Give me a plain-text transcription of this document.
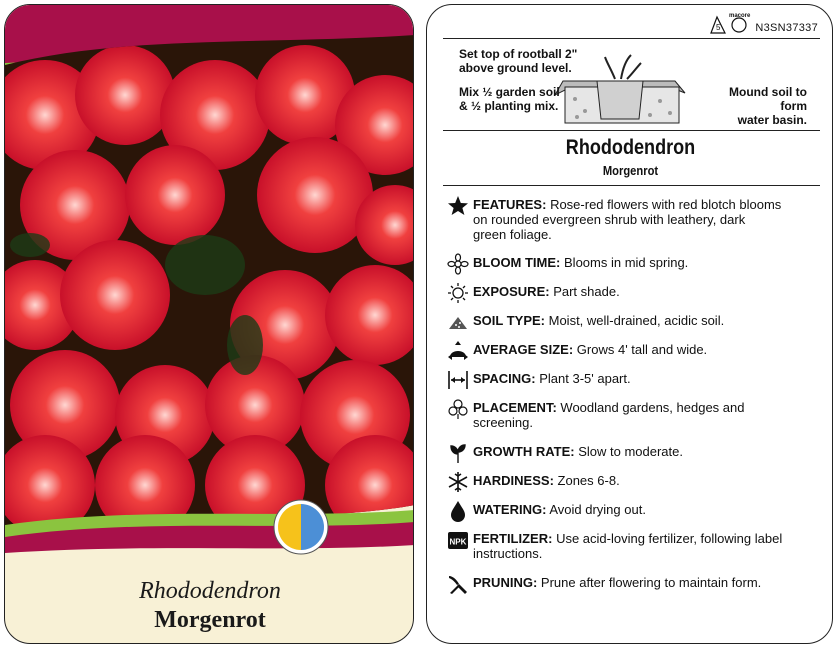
Rhododendron
Morgenrot
5
macore
N3SN37337
Set top of rootball 2"
above ground level.
Mix ½ garden soil
& ½ planting mix.
Mound soil to form
water basin.
Rhododendron
Morgenrot
FEATURES: Rose-red flowers with red blotch blooms
on rounded evergreen shrub with leathery, dark
green foliage.
BLOOM TIME: Blooms in mid spring.
EXPOSURE: Part shade.
SOIL TYPE: Moist, well-drained, acidic soil.
AVERAGE SIZE: Grows 4' tall and wide.
SPACING: Plant 3-5' apart.
PLACEMENT: Woodland gardens, hedges and
screening.
GROWTH RATE: Slow to moderate.
HARDINESS: Zones 6-8.
WATERING: Avoid drying out.
NPK FERTILIZER: Use acid-loving fertilizer, following label
instructions.
PRUNING: Prune after flowering to maintain form.
